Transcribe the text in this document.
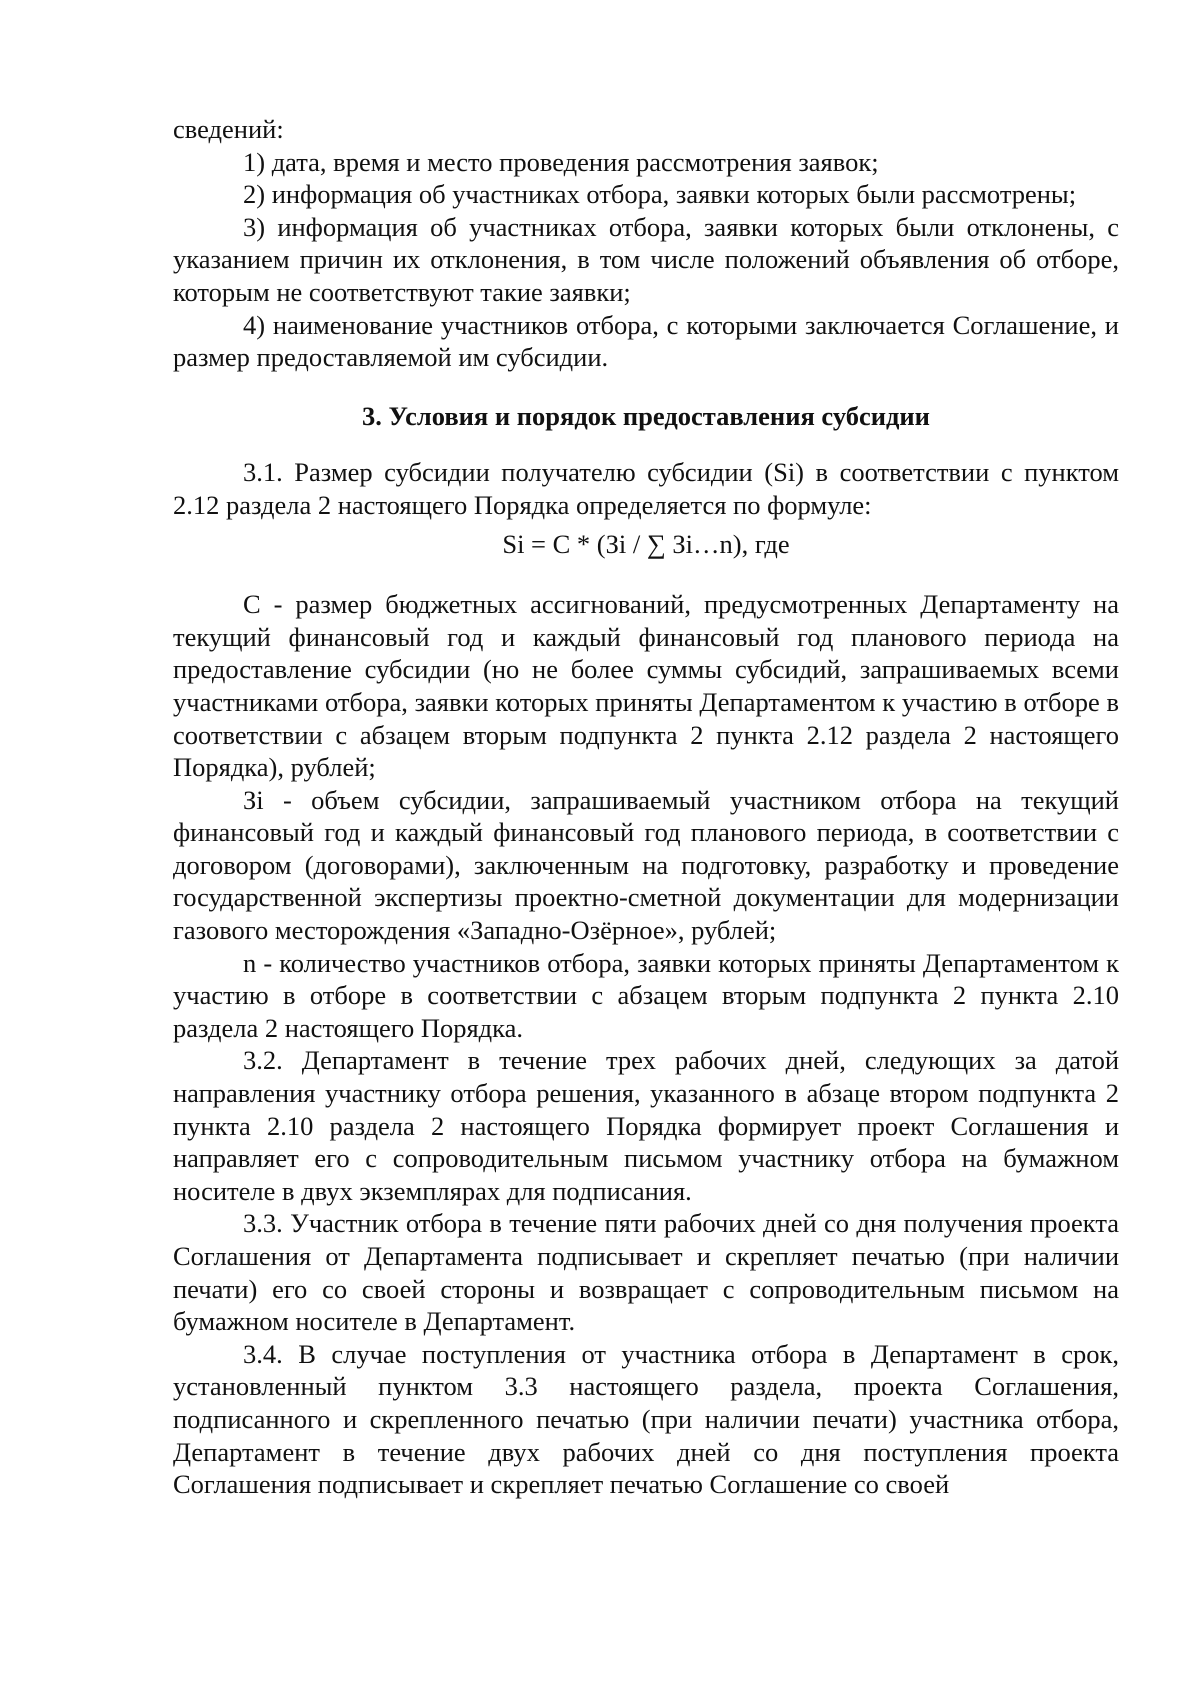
сведений:

1) дата, время и место проведения рассмотрения заявок;

2) информация об участниках отбора, заявки которых были рассмотрены;

3) информация об участниках отбора, заявки которых были отклонены, с указанием причин их отклонения, в том числе положений объявления об отборе, которым не соответствуют такие заявки;

4) наименование участников отбора, с которыми заключается Соглашение, и размер предоставляемой им субсидии.

3. Условия и порядок предоставления субсидии

3.1. Размер субсидии получателю субсидии (Si) в соответствии с пунктом 2.12 раздела 2 настоящего Порядка определяется по формуле:

Si = C * (Зi / ∑ Зi…n), где

С - размер бюджетных ассигнований, предусмотренных Департаменту на текущий финансовый год и каждый финансовый год планового периода на предоставление субсидии (но не более суммы субсидий, запрашиваемых всеми участниками отбора, заявки которых приняты Департаментом к участию в отборе в соответствии с абзацем вторым подпункта 2 пункта 2.12 раздела 2 настоящего Порядка), рублей;

Зi - объем субсидии, запрашиваемый участником отбора на текущий финансовый год и каждый финансовый год планового периода, в соответствии с договором (договорами), заключенным на подготовку, разработку и проведение государственной экспертизы проектно-сметной документации для модернизации газового месторождения «Западно-Озёрное», рублей;

n - количество участников отбора, заявки которых приняты Департаментом к участию в отборе в соответствии с абзацем вторым подпункта 2 пункта 2.10 раздела 2 настоящего Порядка.

3.2. Департамент в течение трех рабочих дней, следующих за датой направления участнику отбора решения, указанного в абзаце втором подпункта 2 пункта 2.10 раздела 2 настоящего Порядка формирует проект Соглашения и направляет его с сопроводительным письмом участнику отбора на бумажном носителе в двух экземплярах для подписания.

3.3. Участник отбора в течение пяти рабочих дней со дня получения проекта Соглашения от Департамента подписывает и скрепляет печатью (при наличии печати) его со своей стороны и возвращает с сопроводительным письмом на бумажном носителе в Департамент.

3.4. В случае поступления от участника отбора в Департамент в срок, установленный пунктом 3.3 настоящего раздела, проекта Соглашения, подписанного и скрепленного печатью (при наличии печати) участника отбора, Департамент в течение двух рабочих дней со дня поступления проекта Соглашения подписывает и скрепляет печатью Соглашение со своей
